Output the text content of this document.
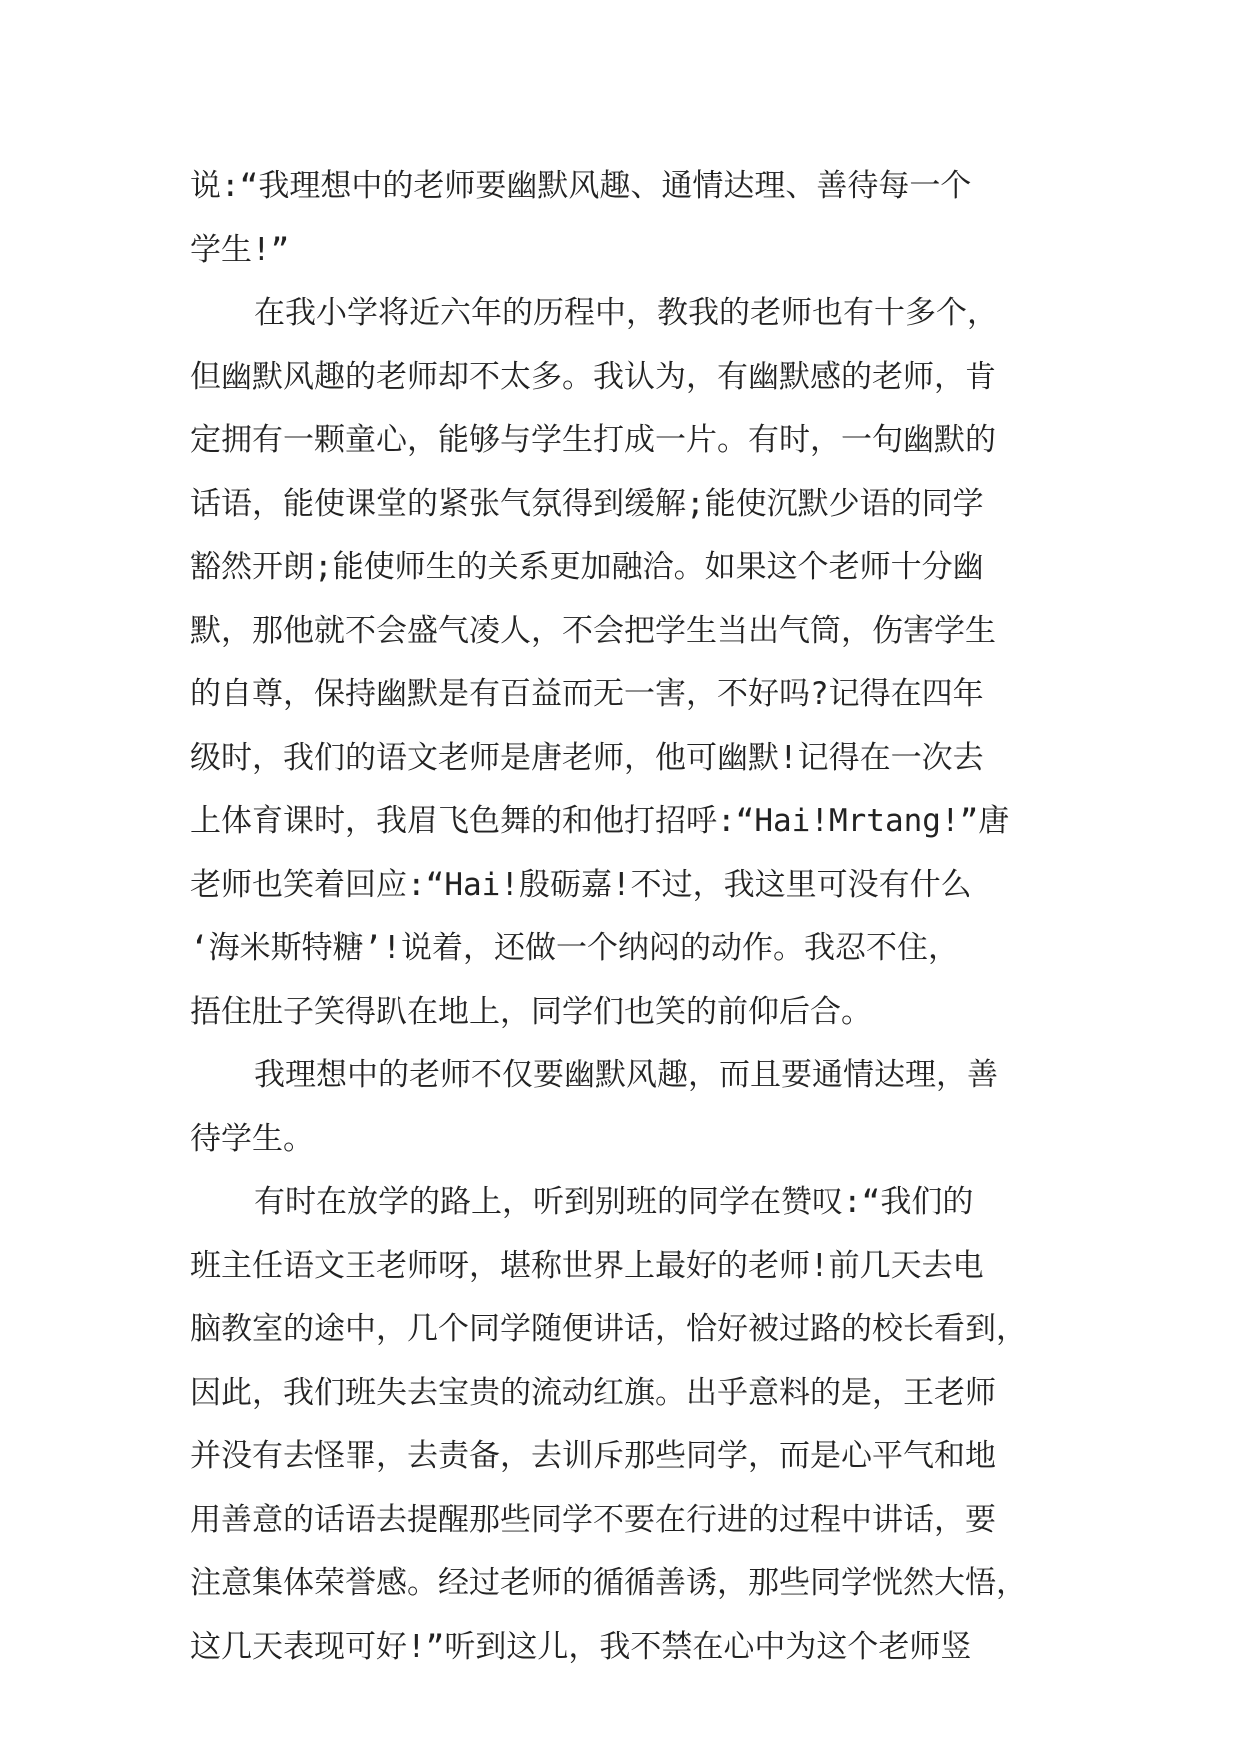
说:“我理想中的老师要幽默风趣、通情达理、善待每一个
学生!”
在我小学将近六年的历程中，教我的老师也有十多个，
但幽默风趣的老师却不太多。我认为，有幽默感的老师，肯
定拥有一颗童心，能够与学生打成一片。有时，一句幽默的
话语，能使课堂的紧张气氛得到缓解;能使沉默少语的同学
豁然开朗;能使师生的关系更加融洽。如果这个老师十分幽
默，那他就不会盛气凌人，不会把学生当出气筒，伤害学生
的自尊，保持幽默是有百益而无一害，不好吗?记得在四年
级时，我们的语文老师是唐老师，他可幽默!记得在一次去
上体育课时，我眉飞色舞的和他打招呼:“Hai!Mrtang!”唐
老师也笑着回应:“Hai!殷砺嘉!不过，我这里可没有什么
‘海米斯特糖’!说着，还做一个纳闷的动作。我忍不住，
捂住肚子笑得趴在地上，同学们也笑的前仰后合。
我理想中的老师不仅要幽默风趣，而且要通情达理，善
待学生。
有时在放学的路上，听到别班的同学在赞叹:“我们的
班主任语文王老师呀，堪称世界上最好的老师!前几天去电
脑教室的途中，几个同学随便讲话，恰好被过路的校长看到，
因此，我们班失去宝贵的流动红旗。出乎意料的是，王老师
并没有去怪罪，去责备，去训斥那些同学，而是心平气和地
用善意的话语去提醒那些同学不要在行进的过程中讲话，要
注意集体荣誉感。经过老师的循循善诱，那些同学恍然大悟，
这几天表现可好!”听到这儿，我不禁在心中为这个老师竖
